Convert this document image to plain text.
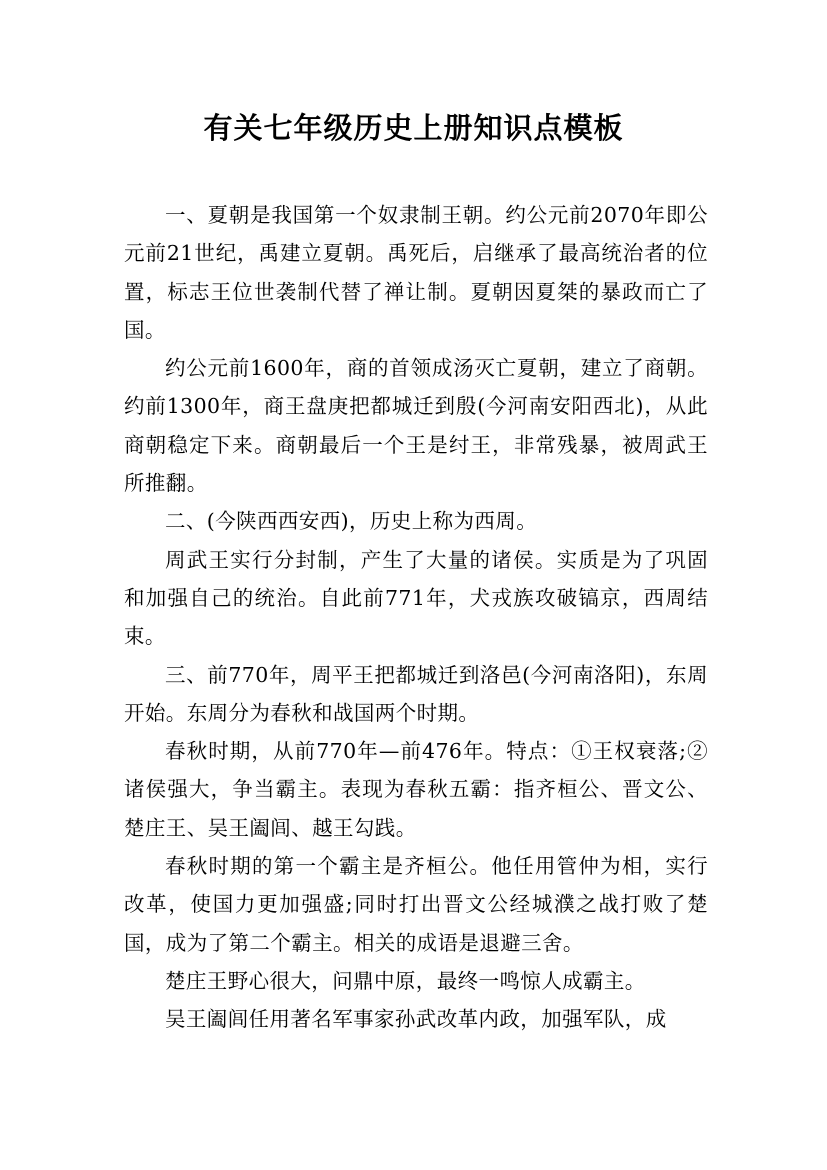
有关七年级历史上册知识点模板

一、夏朝是我国第一个奴隶制王朝。约公元前2070年即公元前21世纪，禹建立夏朝。禹死后，启继承了最高统治者的位置，标志王位世袭制代替了禅让制。夏朝因夏桀的暴政而亡了国。

约公元前1600年，商的首领成汤灭亡夏朝，建立了商朝。约前1300年，商王盘庚把都城迁到殷(今河南安阳西北)，从此商朝稳定下来。商朝最后一个王是纣王，非常残暴，被周武王所推翻。

二、(今陕西西安西)，历史上称为西周。

周武王实行分封制，产生了大量的诸侯。实质是为了巩固和加强自己的统治。自此前771年，犬戎族攻破镐京，西周结束。

三、前770年，周平王把都城迁到洛邑(今河南洛阳)，东周开始。东周分为春秋和战国两个时期。

春秋时期，从前770年—前476年。特点：①王权衰落;②诸侯强大，争当霸主。表现为春秋五霸：指齐桓公、晋文公、楚庄王、吴王阖闾、越王勾践。

春秋时期的第一个霸主是齐桓公。他任用管仲为相，实行改革，使国力更加强盛;同时打出晋文公经城濮之战打败了楚国，成为了第二个霸主。相关的成语是退避三舍。

楚庄王野心很大，问鼎中原，最终一鸣惊人成霸主。

吴王阖闾任用著名军事家孙武改革内政，加强军队，成
